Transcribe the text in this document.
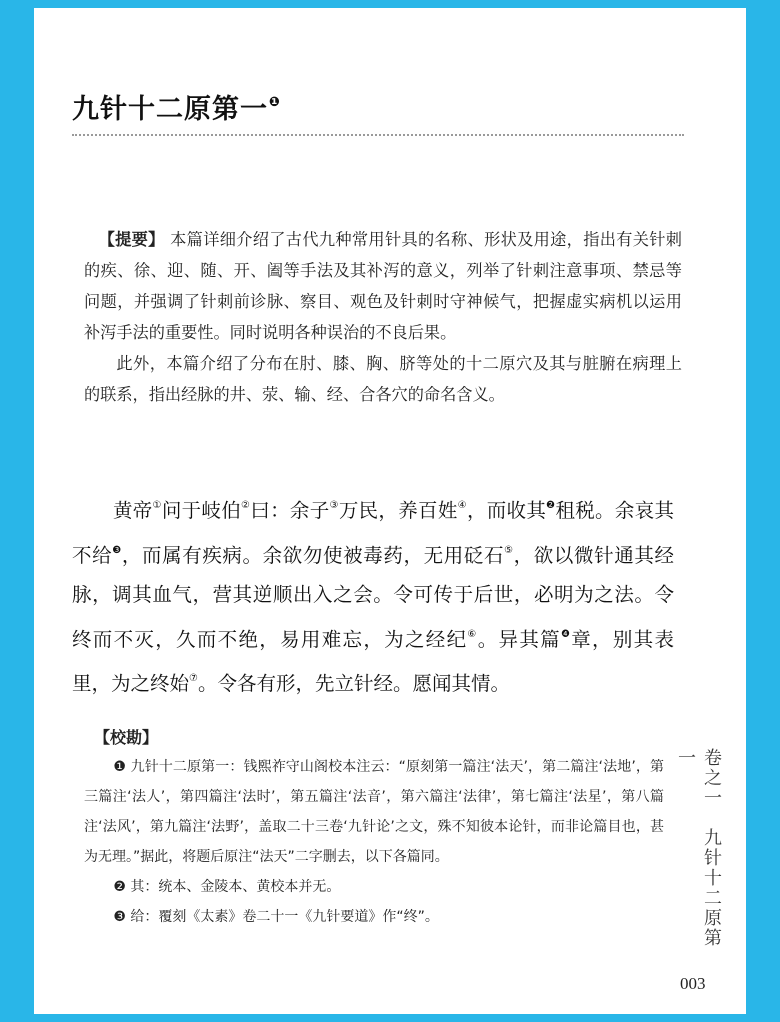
九针十二原第一$^❶$

【提要】 本篇详细介绍了古代九种常用针具的名称、形状及用途，指出有关针刺的疾、徐、迎、随、开、阖等手法及其补泻的意义，列举了针刺注意事项、禁忌等问题，并强调了针刺前诊脉、察目、观色及针刺时守神候气，把握虚实病机以运用补泻手法的重要性。同时说明各种误治的不良后果。

此外，本篇介绍了分布在肘、膝、胸、脐等处的十二原穴及其与脏腑在病理上的联系，指出经脉的井、荥、输、经、合各穴的命名含义。

黄帝①问于岐伯②曰：余子③万民，养百姓④，而收其$^❷$租税。余哀其不给$^❸$，而属有疾病。余欲勿使被毒药，无用砭石⑤，欲以微针通其经脉，调其血气，营其逆顺出入之会。令可传于后世，必明为之法。令终而不灭，久而不绝，易用难忘，为之经纪⑥。异其篇$^❹$章，别其表里，为之终始⑦。令各有形，先立针经。愿闻其情。

【校勘】

❶ 九针十二原第一：钱熙祚守山阁校本注云：“原刻第一篇注‘法天’，第二篇注‘法地’，第三篇注‘法人’，第四篇注‘法时’，第五篇注‘法音’，第六篇注‘法律’，第七篇注‘法星’，第八篇注‘法风’，第九篇注‘法野’，盖取二十三卷‘九针论’之文，殊不知彼本论针，而非论篇目也，甚为无理。”据此，将题后原注“法天”二字删去，以下各篇同。

❷ 其：统本、金陵本、黄校本并无。

❸ 给：覆刻《太素》卷二十一《九针要道》作“终”。	卷之一　九针十二原第一
003
